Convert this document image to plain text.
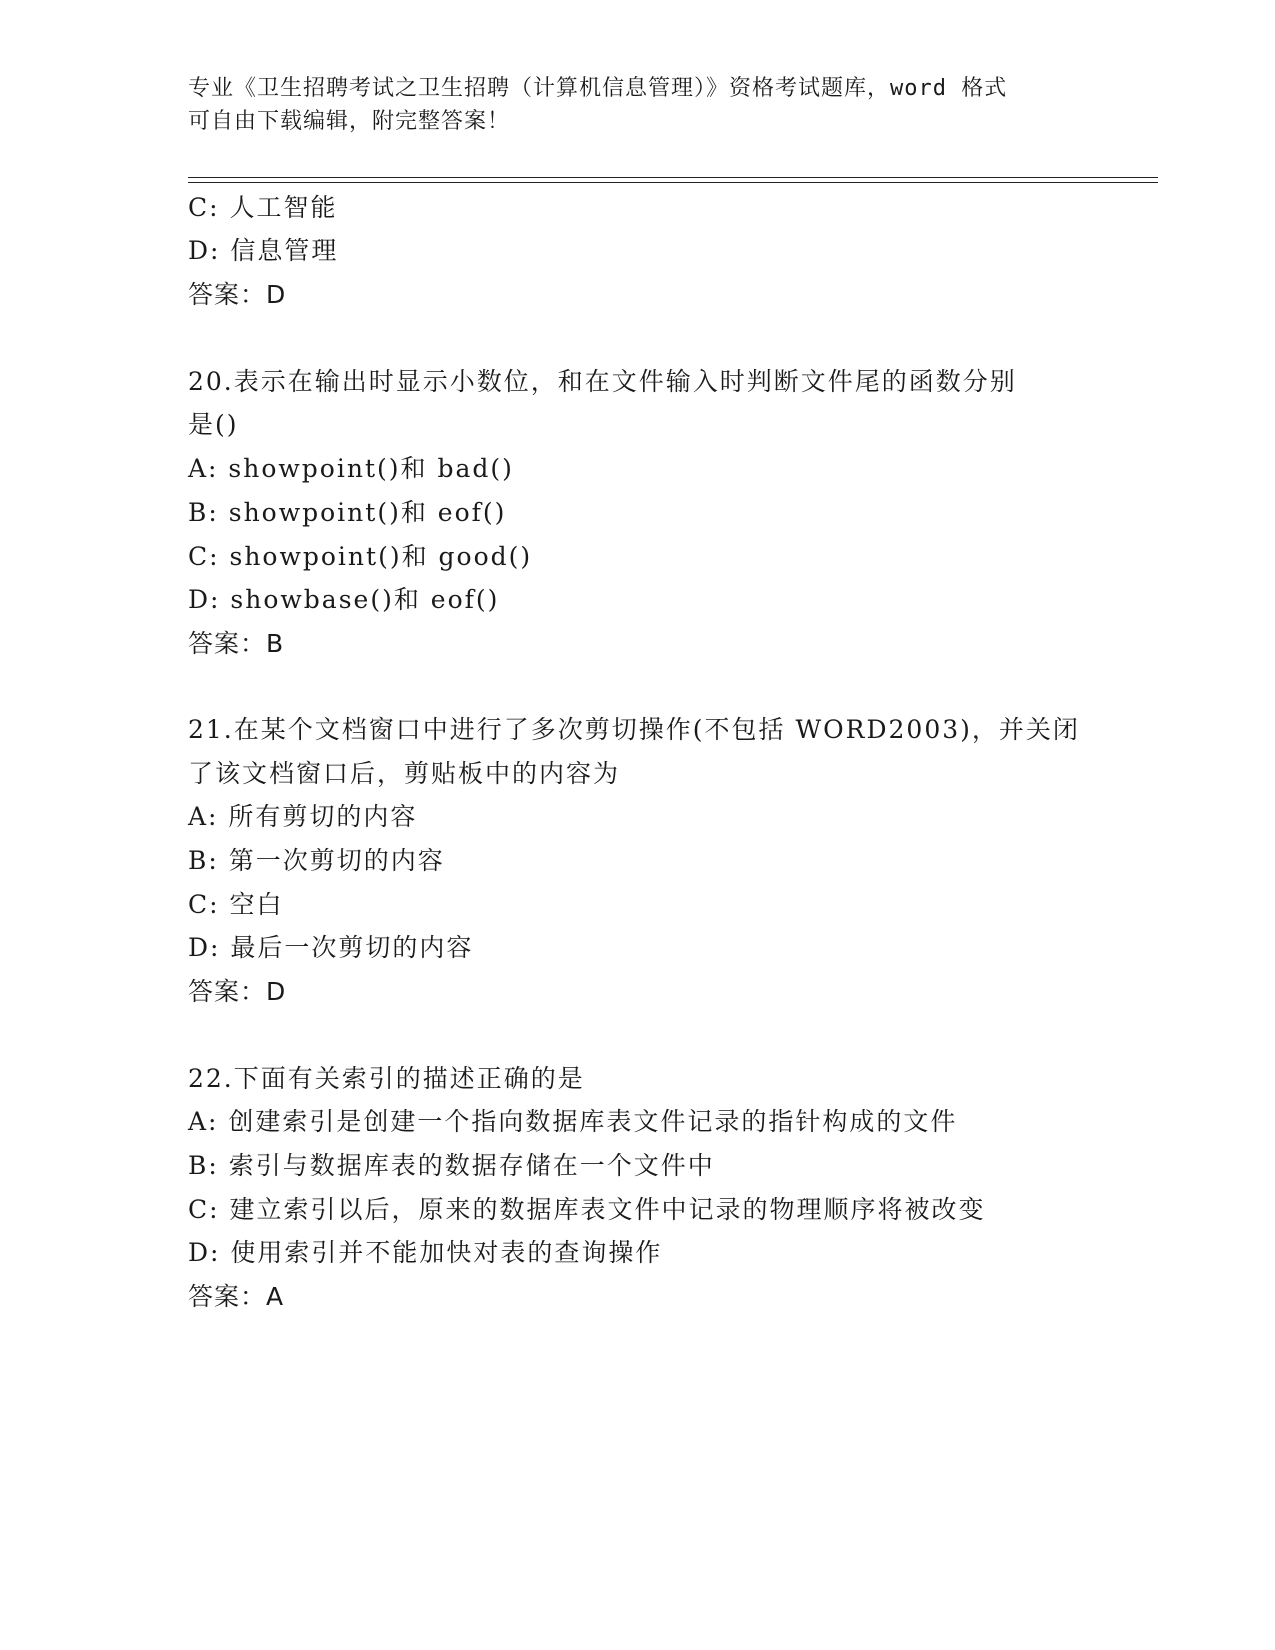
专业《卫生招聘考试之卫生招聘（计算机信息管理）》资格考试题库，word 格式
可自由下载编辑，附完整答案！
C: 人工智能
D: 信息管理
答案：D
20.表示在输出时显示小数位，和在文件输入时判断文件尾的函数分别
是()
A: showpoint()和 bad()
B: showpoint()和 eof()
C: showpoint()和 good()
D: showbase()和 eof()
答案：B
21.在某个文档窗口中进行了多次剪切操作(不包括 WORD2003)，并关闭
了该文档窗口后，剪贴板中的内容为
A: 所有剪切的内容
B: 第一次剪切的内容
C: 空白
D: 最后一次剪切的内容
答案：D
22.下面有关索引的描述正确的是
A: 创建索引是创建一个指向数据库表文件记录的指针构成的文件
B: 索引与数据库表的数据存储在一个文件中
C: 建立索引以后，原来的数据库表文件中记录的物理顺序将被改变
D: 使用索引并不能加快对表的查询操作
答案：A
